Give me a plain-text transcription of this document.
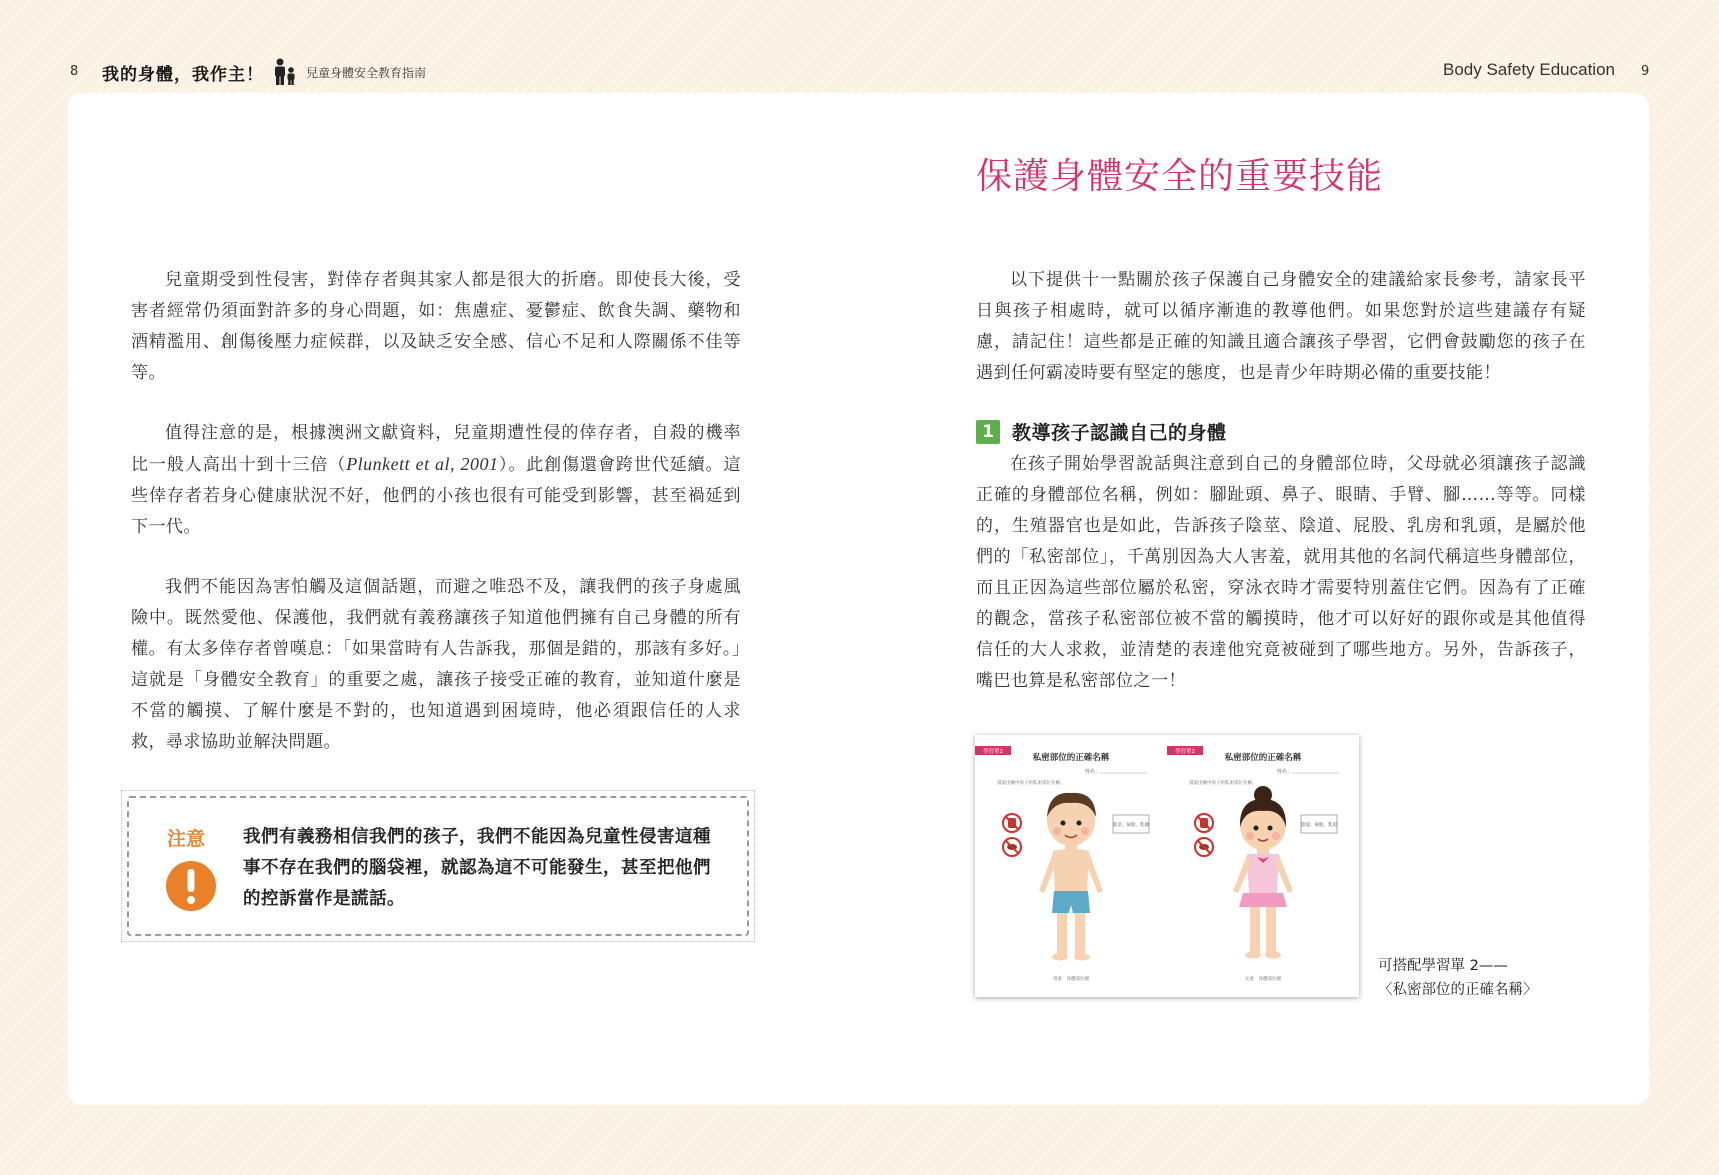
8 我的身體，我作主！	兒童身體安全教育指南	Body Safety Education 9

兒童期受到性侵害，對倖存者與其家人都是很大的折磨。即使長大後，受害者經常仍須面對許多的身心問題，如：焦慮症、憂鬱症、飲食失調、藥物和酒精濫用、創傷後壓力症候群，以及缺乏安全感、信心不足和人際關係不佳等等。

值得注意的是，根據澳洲文獻資料，兒童期遭性侵的倖存者，自殺的機率比一般人高出十到十三倍（Plunkett et al, 2001）。此創傷還會跨世代延續。這些倖存者若身心健康狀況不好，他們的小孩也很有可能受到影響，甚至禍延到下一代。

我們不能因為害怕觸及這個話題，而避之唯恐不及，讓我們的孩子身處風險中。既然愛他、保護他，我們就有義務讓孩子知道他們擁有自己身體的所有權。有太多倖存者曾嘆息：「如果當時有人告訴我，那個是錯的，那該有多好。」這就是「身體安全教育」的重要之處，讓孩子接受正確的教育，並知道什麼是不當的觸摸、了解什麼是不對的，也知道遇到困境時，他必須跟信任的人求救，尋求協助並解決問題。

注意 我們有義務相信我們的孩子，我們不能因為兒童性侵害這種事不存在我們的腦袋裡，就認為這不可能發生，甚至把他們的控訴當作是謊話。
保護身體安全的重要技能

以下提供十一點關於孩子保護自己身體安全的建議給家長參考，請家長平日與孩子相處時，就可以循序漸進的教導他們。如果您對於這些建議存有疑慮，請記住！這些都是正確的知識且適合讓孩子學習，它們會鼓勵您的孩子在遇到任何霸凌時要有堅定的態度，也是青少年時期必備的重要技能！

1 教導孩子認識自己的身體

在孩子開始學習說話與注意到自己的身體部位時，父母就必須讓孩子認識正確的身體部位名稱，例如：腳趾頭、鼻子、眼睛、手臂、腳……等等。同樣的，生殖器官也是如此，告訴孩子陰莖、陰道、屁股、乳房和乳頭，是屬於他們的「私密部位」，千萬別因為大人害羞，就用其他的名詞代稱這些身體部位，而且正因為這些部位屬於私密，穿泳衣時才需要特別蓋住它們。因為有了正確的觀念，當孩子私密部位被不當的觸摸時，他才可以好好的跟你或是其他值得信任的大人求救，並清楚的表達他究竟被碰到了哪些地方。另外，告訴孩子，嘴巴也算是私密部位之一！

學習單2
私密部位的正確名稱
姓名：
請說出圖中孩子的私密部位名稱。
陰莖、屁股、乳頭
男童　身體部位圖
學習單2
私密部位的正確名稱
姓名：
請說出圖中孩子的私密部位名稱。
陰道、屁股、乳房
女童　身體部位圖
可搭配學習單 2——
〈私密部位的正確名稱〉
